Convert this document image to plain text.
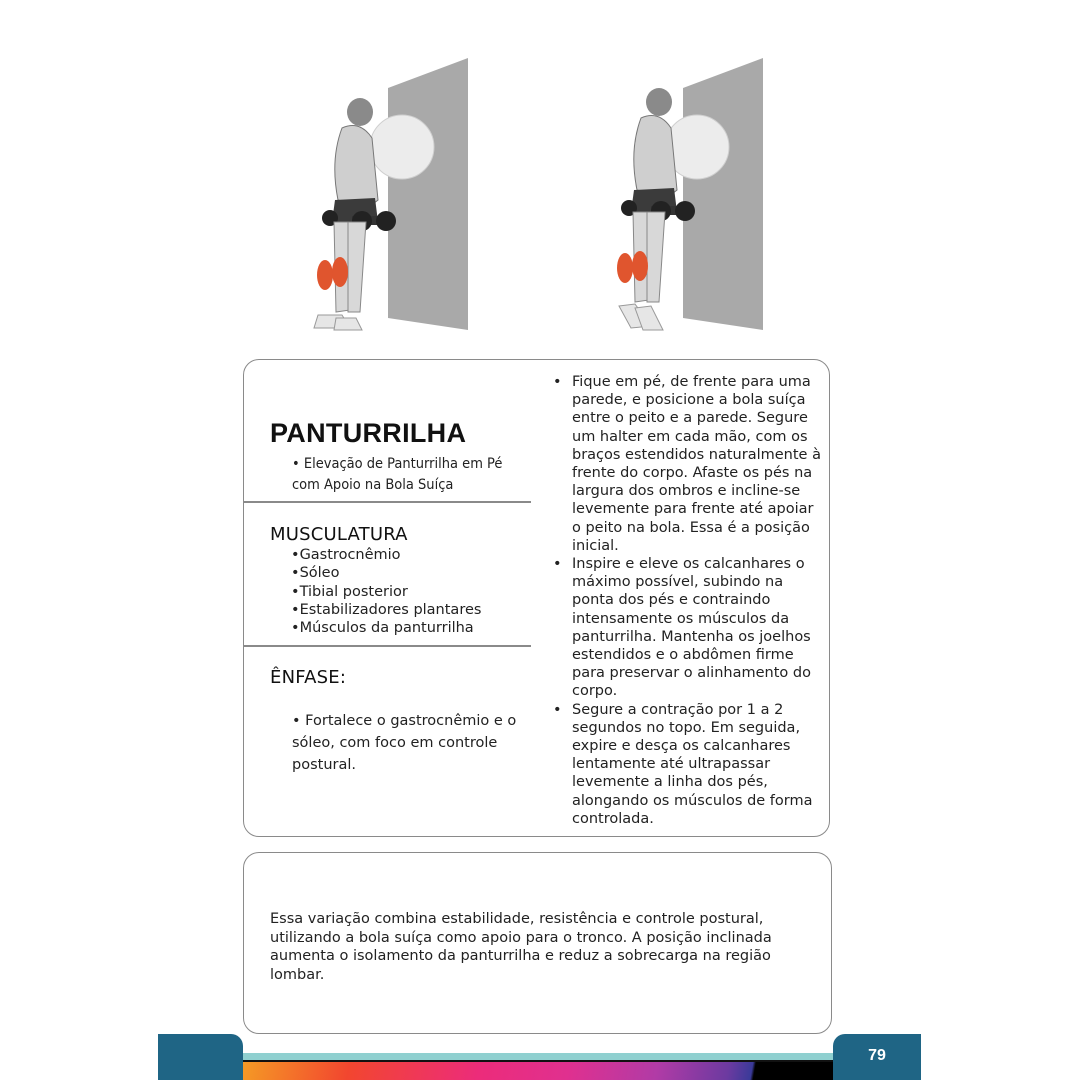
PANTURRILHA
• Elevação de Panturrilha em Pé com Apoio na Bola Suíça
MUSCULATURA
• Gastrocnêmio
• Sóleo
• Tibial posterior
• Estabilizadores plantares
• Músculos da panturrilha
ÊNFASE:
• Fortalece o gastrocnêmio e o sóleo, com foco em controle postural.
• Fique em pé, de frente para uma parede, e posicione a bola suíça entre o peito e a parede. Segure um halter em cada mão, com os braços estendidos naturalmente à frente do corpo. Afaste os pés na largura dos ombros e incline-se levemente para frente até apoiar o peito na bola. Essa é a posição inicial.
• Inspire e eleve os calcanhares o máximo possível, subindo na ponta dos pés e contraindo intensamente os músculos da panturrilha. Mantenha os joelhos estendidos e o abdômen firme para preservar o alinhamento do corpo.
• Segure a contração por 1 a 2 segundos no topo. Em seguida, expire e desça os calcanhares lentamente até ultrapassar levemente a linha dos pés, alongando os músculos de forma controlada.
Essa variação combina estabilidade, resistência e controle postural, utilizando a bola suíça como apoio para o tronco. A posição inclinada aumenta o isolamento da panturrilha e reduz a sobrecarga na região lombar.
79
